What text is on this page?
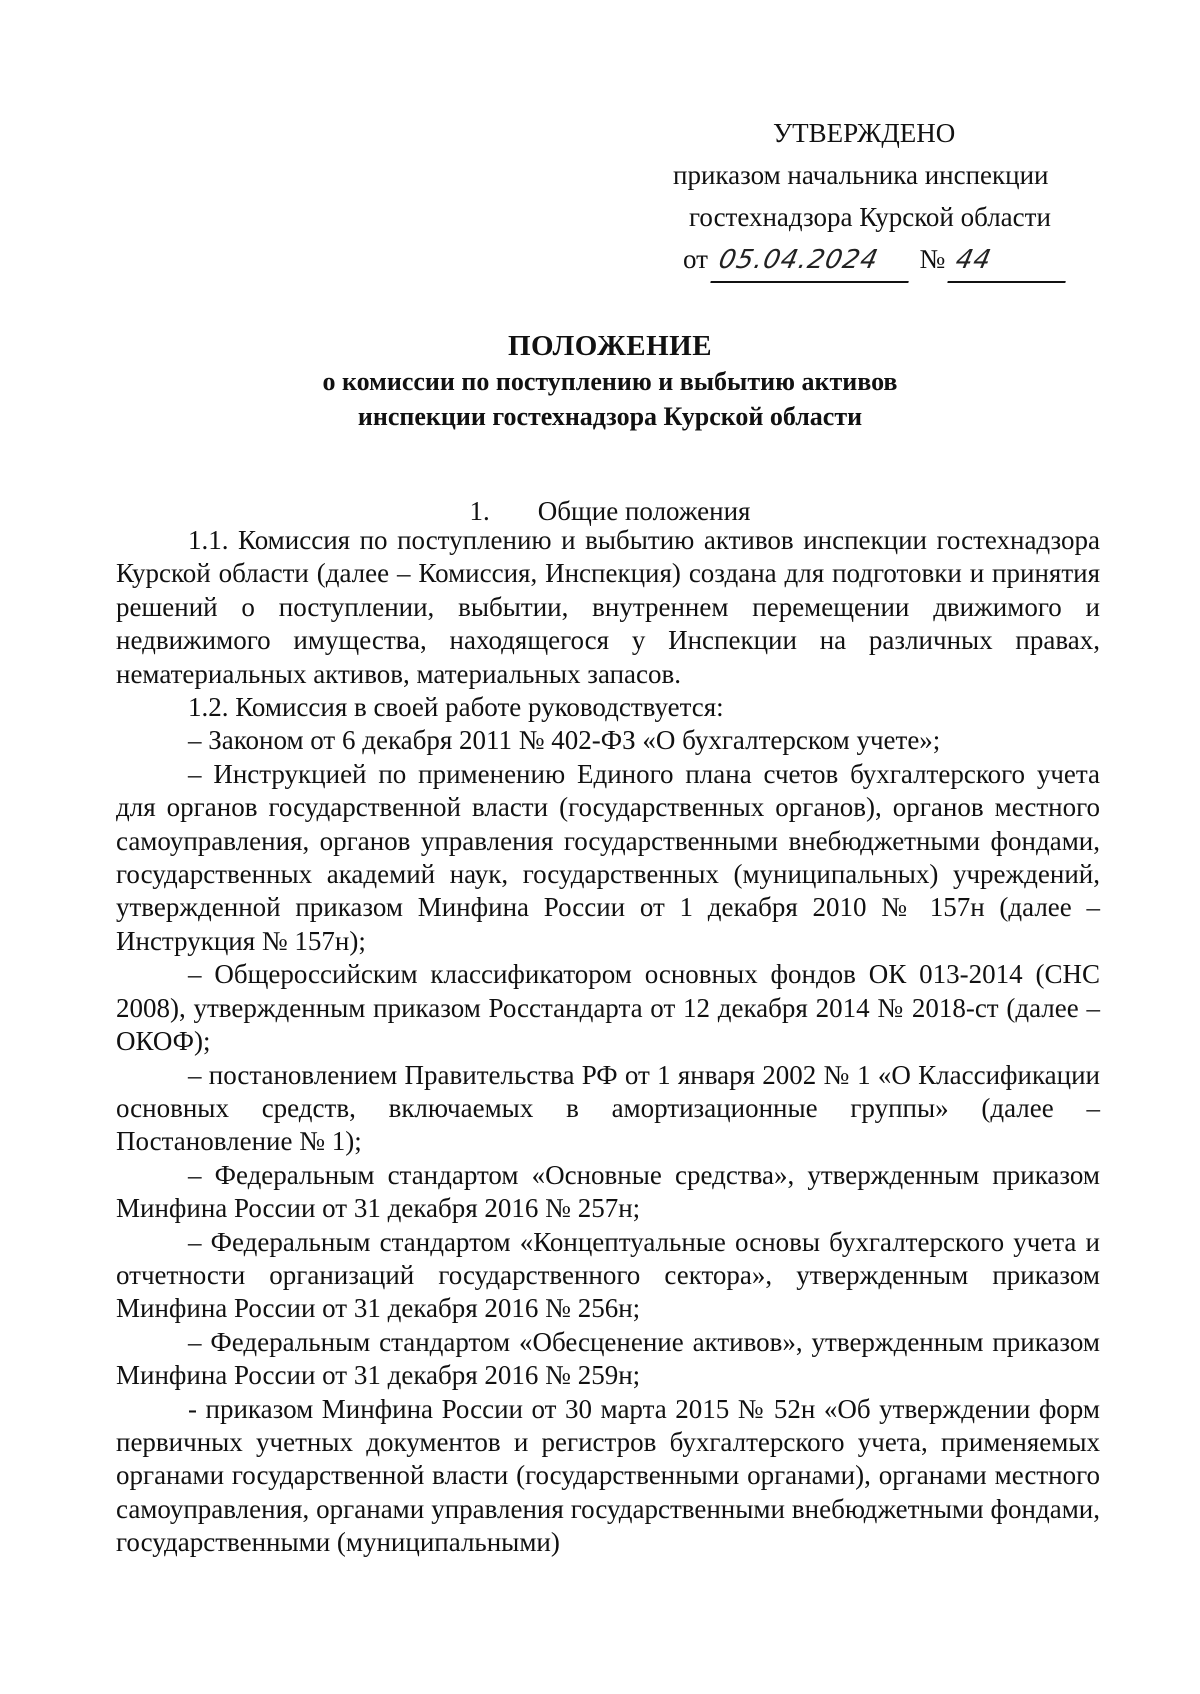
УТВЕРЖДЕНО
приказом начальника инспекции
гостехнадзора Курской области
от 05.04.2024 № 44
ПОЛОЖЕНИЕ
о комиссии по поступлению и выбытию активов
инспекции гостехнадзора Курской области
1. Общие положения

1.1. Комиссия по поступлению и выбытию активов инспекции гостехнадзора Курской области (далее – Комиссия, Инспекция) создана для подготовки и принятия решений о поступлении, выбытии, внутреннем перемещении движимого и недвижимого имущества, находящегося у Инспекции на различных правах, нематериальных активов, материальных запасов.

1.2. Комиссия в своей работе руководствуется:

– Законом от 6 декабря 2011 № 402-ФЗ «О бухгалтерском учете»;

– Инструкцией по применению Единого плана счетов бухгалтерского учета для органов государственной власти (государственных органов), органов местного самоуправления, органов управления государственными внебюджетными фондами, государственных академий наук, государственных (муниципальных) учреждений, утвержденной приказом Минфина России от 1 декабря 2010 № 157н (далее – Инструкция № 157н);

– Общероссийским классификатором основных фондов ОК 013-2014 (СНС 2008), утвержденным приказом Росстандарта от 12 декабря 2014 № 2018-ст (далее – ОКОФ);

– постановлением Правительства РФ от 1 января 2002 № 1 «О Классификации основных средств, включаемых в амортизационные группы» (далее – Постановление № 1);

– Федеральным стандартом «Основные средства», утвержденным приказом Минфина России от 31 декабря 2016 № 257н;

– Федеральным стандартом «Концептуальные основы бухгалтерского учета и отчетности организаций государственного сектора», утвержденным приказом Минфина России от 31 декабря 2016 № 256н;

– Федеральным стандартом «Обесценение активов», утвержденным приказом Минфина России от 31 декабря 2016 № 259н;

- приказом Минфина России от 30 марта 2015 № 52н «Об утверждении форм первичных учетных документов и регистров бухгалтерского учета, применяемых органами государственной власти (государственными органами), органами местного самоуправления, органами управления государственными внебюджетными фондами, государственными (муниципальными)
